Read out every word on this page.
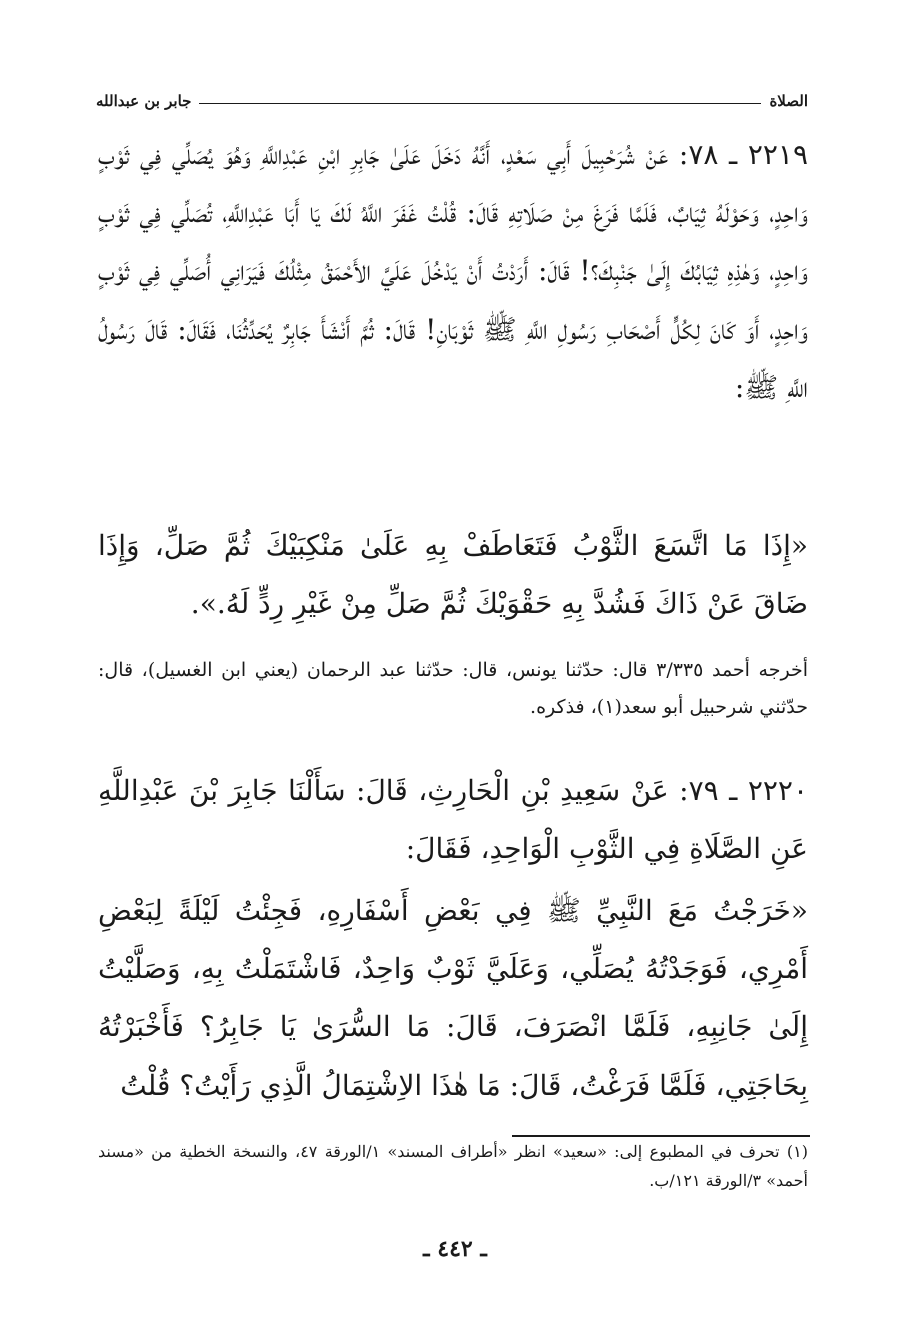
الصلاة
جابر بن عبدالله

٢٢١٩ ـ ٧٨: عَنْ شُرَحْبِيلَ أَبِي سَعْدٍ، أَنَّهُ دَخَلَ عَلَىٰ جَابِرِ ابْنِ عَبْدِاللَّهِ وَهُوَ يُصَلِّي فِي ثَوْبٍ وَاحِدٍ، وَحَوْلَهُ ثِيَابٌ، فَلَمَّا فَرَغَ مِنْ صَلَاتِهِ قَالَ: قُلْتُ غَفَرَ اللَّهُ لَكَ يَا أَبَا عَبْدِاللَّهِ، تُصَلِّي فِي ثَوْبٍ وَاحِدٍ، وَهٰذِهِ ثِيَابُكَ إِلَىٰ جَنْبِكَ؟! قَالَ: أَرَدْتُ أَنْ يَدْخُلَ عَلَيَّ الأَحْمَقُ مِثْلُكَ فَيَرَانِي أُصَلِّي فِي ثَوْبٍ وَاحِدٍ، أَوَ كَانَ لِكُلٍّ أَصْحَابِ رَسُولِ اللَّهِ ﷺ ثَوْبَانِ! قَالَ: ثُمَّ أَنْشَأَ جَابِرٌ يُحَدِّثُنَا، فَقَالَ: قَالَ رَسُولُ اللَّهِ ﷺ:

«إِذَا مَا اتَّسَعَ الثَّوْبُ فَتَعَاطَفْ بِهِ عَلَىٰ مَنْكِبَيْكَ ثُمَّ صَلِّ، وَإِذَا ضَاقَ عَنْ ذَاكَ فَشُدَّ بِهِ حَقْوَيْكَ ثُمَّ صَلِّ مِنْ غَيْرِ رِدٍّ لَهُ.».

أخرجه أحمد ٣/٣٣٥ قال: حدّثنا يونس، قال: حدّثنا عبد الرحمان (يعني ابن الغسيل)، قال: حدّثني شرحبيل أبو سعد(١)، فذكره.

٢٢٢٠ ـ ٧٩: عَنْ سَعِيدِ بْنِ الْحَارِثِ، قَالَ: سَأَلْنَا جَابِرَ بْنَ عَبْدِاللَّهِ عَنِ الصَّلَاةِ فِي الثَّوْبِ الْوَاحِدِ، فَقَالَ:

«خَرَجْتُ مَعَ النَّبِيِّ ﷺ فِي بَعْضِ أَسْفَارِهِ، فَجِئْتُ لَيْلَةً لِبَعْضِ أَمْرِي، فَوَجَدْتُهُ يُصَلِّي، وَعَلَيَّ ثَوْبٌ وَاحِدٌ، فَاشْتَمَلْتُ بِهِ، وَصَلَّيْتُ إِلَىٰ جَانِبِهِ، فَلَمَّا انْصَرَفَ، قَالَ: مَا السُّرَىٰ يَا جَابِرُ؟ فَأَخْبَرْتُهُ بِحَاجَتِي، فَلَمَّا فَرَغْتُ، قَالَ: مَا هٰذَا الاِشْتِمَالُ الَّذِي رَأَيْتُ؟ قُلْتُ

(١) تحرف في المطبوع إلى: «سعيد» انظر «أطراف المسند» ١/الورقة ٤٧، والنسخة الخطية من «مسند أحمد» ٣/الورقة ١٢١/ب.

ـ ٤٤٢ ـ
